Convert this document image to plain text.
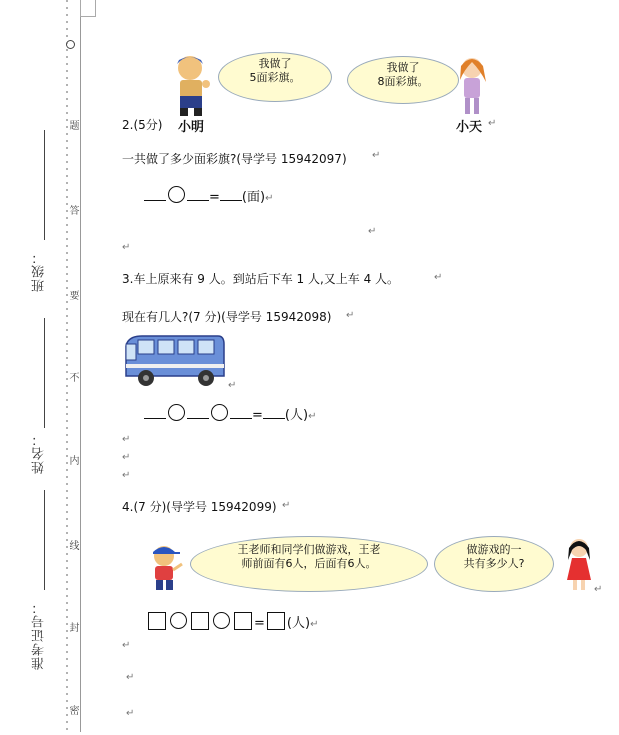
题
答
要
不
内
线
封
密
班级：
姓名：
准考证号：
我做了
5面彩旗。
我做了
8面彩旗。
2.(5分) 小明	小天 ↵
一共做了多少面彩旗?(导学号 15942097)	↵
= (面)↵
↵
↵
3.车上原来有 9 人。到站后下车 1 人,又上车 4 人。	↵
现在有几人?(7 分)(导学号 15942098) ↵
↵
= (人)↵
↵
↵
↵
4.(7 分)(导学号 15942099) ↵
王老师和同学们做游戏，王老
师前面有6人，后面有6人。
做游戏的一
共有多少人?
↵
= (人)↵
↵
↵
↵
